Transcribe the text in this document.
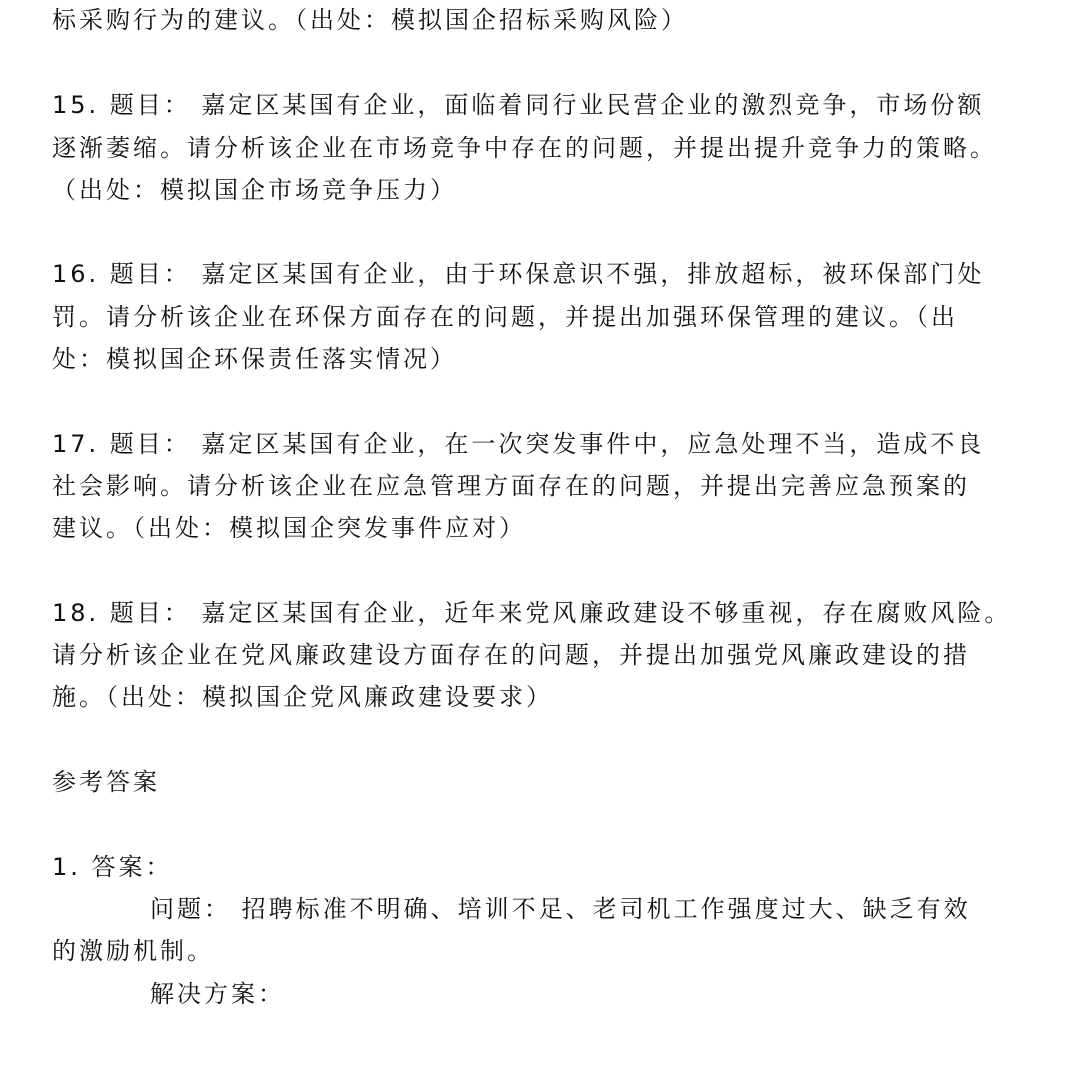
标采购行为的建议。（出处：模拟国企招标采购风险）
15. 题目： 嘉定区某国有企业，面临着同行业民营企业的激烈竞争，市场份额
逐渐萎缩。请分析该企业在市场竞争中存在的问题，并提出提升竞争力的策略。
（出处：模拟国企市场竞争压力）
16. 题目： 嘉定区某国有企业，由于环保意识不强，排放超标，被环保部门处
罚。请分析该企业在环保方面存在的问题，并提出加强环保管理的建议。（出
处：模拟国企环保责任落实情况）
17. 题目： 嘉定区某国有企业，在一次突发事件中，应急处理不当，造成不良
社会影响。请分析该企业在应急管理方面存在的问题，并提出完善应急预案的
建议。（出处：模拟国企突发事件应对）
18. 题目： 嘉定区某国有企业，近年来党风廉政建设不够重视，存在腐败风险。
请分析该企业在党风廉政建设方面存在的问题，并提出加强党风廉政建设的措
施。（出处：模拟国企党风廉政建设要求）
参考答案
1. 答案：
问题： 招聘标准不明确、培训不足、老司机工作强度过大、缺乏有效
的激励机制。
解决方案：
